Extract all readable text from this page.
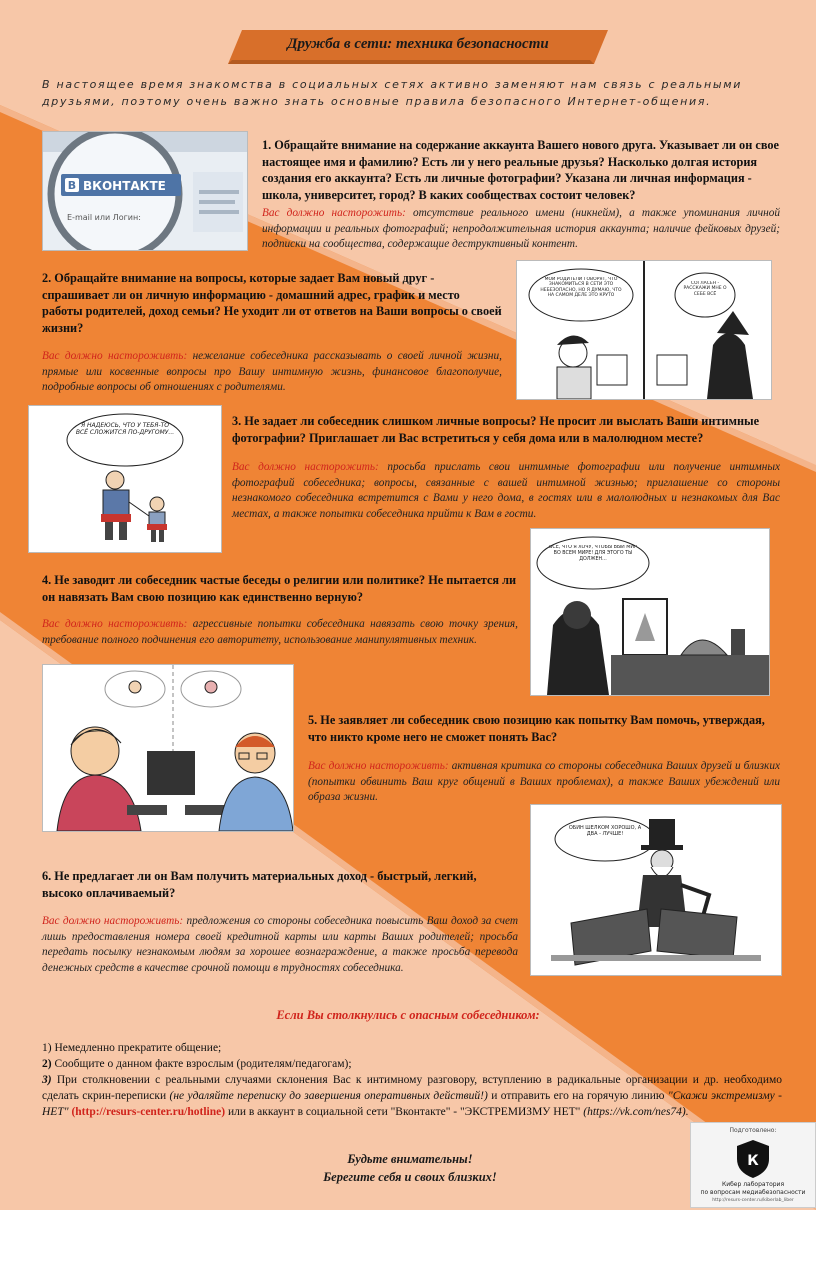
Дружба в сети: техника безопасности
В настоящее время знакомства в социальных сетях активно заменяют нам связь с реальными друзьями, поэтому очень важно знать основные правила безопасного Интернет-общения.
В ВКОНТАКТЕ
E-mail или Логин:
1. Обращайте внимание на содержание аккаунта Вашего нового друга. Указывает ли он свое настоящее имя и фамилию? Есть ли у него реальные друзья? Насколько долгая история создания его аккаунта? Есть ли личные фотографии? Указана ли личная информация - школа, университет, город? В каких сообществах состоит человек?
Вас должно насторожить: отсутствие реального имени (никнейм), а также упоминания личной информации и реальных фотографий; непродолжительная история аккаунта; наличие фейковых друзей; подписки на сообщества, содержащие деструктивный контент.
2. Обращайте внимание на вопросы, которые задает Вам новый друг - спрашивает ли он личную информацию - домашний адрес, график и место работы родителей, доход семьи? Не уходит ли от ответов на Ваши вопросы о своей жизни?
Вас должно настороживть: нежелание собеседника рассказывать о своей личной жизни, прямые или косвенные вопросы про Вашу интимную жизнь, финансовое благополучие, подробные вопросы об отношениях с родителями.
МОИ РОДИТЕЛИ ГОВОРЯТ, ЧТО ЗНАКОМИТЬСЯ В СЕТИ ЭТО НЕБЕЗОПАСНО, НО Я ДУМАЮ, ЧТО НА САМОМ ДЕЛЕ ЭТО КРУТО
СОГЛАСЕН - РАССКАЖИ МНЕ О СЕБЕ ВСЁ
Я НАДЕЮСЬ, ЧТО У ТЕБЯ-ТО ВСЁ СЛОЖИТСЯ ПО-ДРУГОМУ...
3. Не задает ли собеседник слишком личные вопросы? Не просит ли выслать Ваши интимные фотографии? Приглашает ли Вас встретиться у себя дома или в малолюдном месте?
Вас должно насторожить: просьба прислать свои интимные фотографии или получение интимных фотографий собеседника; вопросы, связанные с вашей интимной жизнью; приглашение со стороны незнакомого собеседника встретится с Вами у него дома, в гостях или в малолюдных и незнакомых для Вас местах, а также попытки собеседника прийти к Вам в гости.
4. Не заводит ли собеседник частые беседы о религии или политике? Не пытается ли он навязать Вам свою позицию как единственно верную?
Вас должно настороживть: агрессивные попытки собеседника навязать свою точку зрения, требование полного подчинения его авторитету, использование манипулятивных техник.
ВСЕ, ЧТО Я ХОЧУ, ЧТОБЫ ВЫЙ МИР ВО ВСЕМ МИРЕ! ДЛЯ ЭТОГО ТЫ ДОЛЖЕН...
5. Не заявляет ли собеседник свою позицию как попытку Вам помочь, утверждая, что никто кроме него не сможет понять Вас?
Вас должно настороживть: активная критика со стороны собеседника Ваших друзей и близких (попытки обвинить Ваш круг общений в Ваших проблемах), а также Ваших убеждений или образа жизни.
6. Не предлагает ли он Вам получить материальных доход - быстрый, легкий, высоко оплачиваемый?
Вас должно настороживть: предложения со стороны собеседника повысить Ваш доход за счет лишь предоставления номера своей кредитной карты или карты Ваших родителей; просьба передать посылку незнакомым людям за хорошее вознаграждение, а также просьба перевода денежных средств в качестве срочной помощи в трудностях собеседника.
ОБИН ШЕЛКОМ ХОРОШО, А ДВА - ЛУЧШЕ!
Если Вы столкнулись с опасным собеседником:
1) Немедленно прекратите общение;
2) Сообщите о данном факте взрослым (родителям/педагогам);
3) При столкновении с реальными случаями склонения Вас к интимному разговору, вступлению в радикальные организации и др. необходимо сделать скрин-переписки (не удаляйте переписку до завершения оперативных действий!) и отправить его на горячую линию "Скажи экстремизму - НЕТ" (http://resurs-center.ru/hotline) или в аккаунт в социальной сети "Вконтакте" - "ЭКСТРЕМИЗМУ НЕТ" (https://vk.com/nes74).
Будьте внимательны!
Берегите себя и своих близких!
Подготовлено:
К
Кибер лаборатория
по вопросам медиабезопасности
http://resurs-center.ru/kiberlab_liber
